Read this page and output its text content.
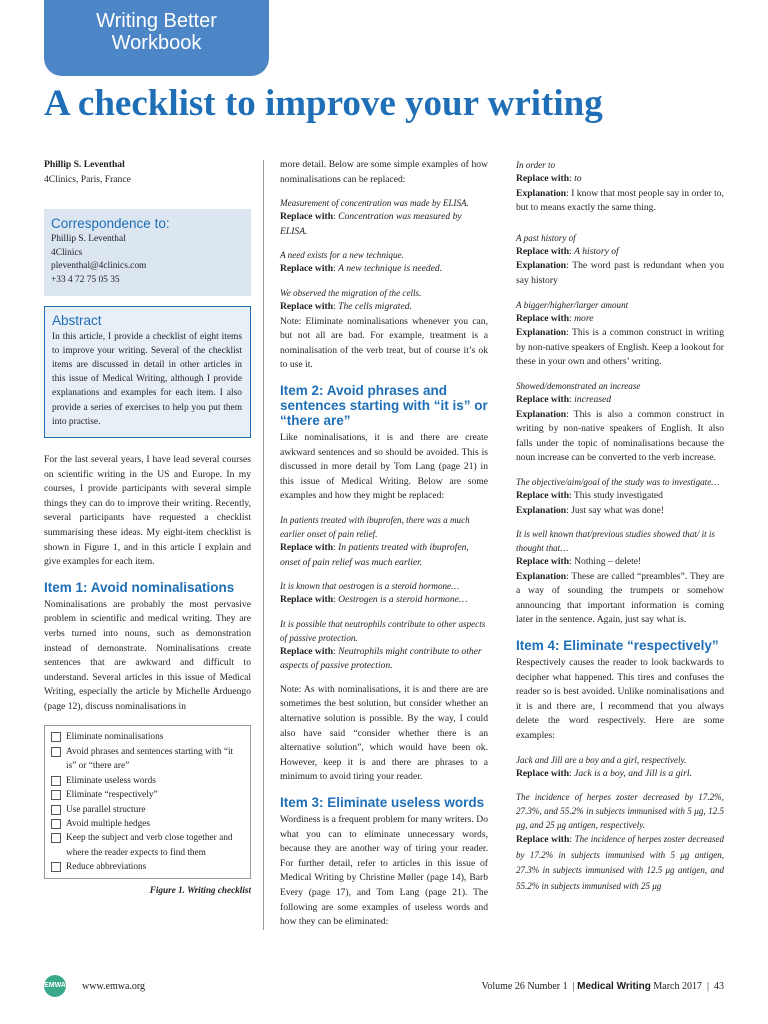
Writing Better
Workbook
A checklist to improve your writing

Phillip S. Leventhal

4Clinics, Paris, France

Correspondence to:

Phillip S. Leventhal

4Clinics

pleventhal@4clinics.com

+33 4 72 75 05 35

Abstract

In this article, I provide a checklist of eight items to improve your writing. Several of the checklist items are discussed in detail in other articles in this issue of Medical Writing, although I provide explanations and examples for each item. I also provide a series of exercises to help you put them into practise.

For the last several years, I have lead several courses on scientific writing in the US and Europe. In my courses, I provide participants with several simple things they can do to improve their writing. Recently, several participants have requested a checklist summarising these ideas. My eight-item checklist is shown in Figure 1, and in this article I explain and give examples for each item.

Item 1: Avoid nominalisations

Nominalisations are probably the most pervasive problem in scientific and medical writing. They are verbs turned into nouns, such as demonstration instead of demonstrate. Nominalisations create sentences that are awkward and difficult to understand. Several articles in this issue of Medical Writing, especially the article by Michelle Arduengo (page 12), discuss nominalisations in

Eliminate nominalisations
Avoid phrases and sentences starting with “it is” or “there are”
Eliminate useless words
Eliminate “respectively”
Use parallel structure
Avoid multiple hedges
Keep the subject and verb close together and where the reader expects to find them
Reduce abbreviations

Figure 1. Writing checklist

more detail. Below are some simple examples of how nominalisations can be replaced:

Measurement of concentration was made by ELISA.

Replace with: Concentration was measured by ELISA.

A need exists for a new technique.

Replace with: A new technique is needed.

We observed the migration of the cells.

Replace with: The cells migrated.

Note: Eliminate nominalisations whenever you can, but not all are bad. For example, treatment is a nominalisation of the verb treat, but of course it’s ok to use it.

Item 2: Avoid phrases and sentences starting with “it is” or “there are”

Like nominalisations, it is and there are create awkward sentences and so should be avoided. This is discussed in more detail by Tom Lang (page 21) in this issue of Medical Writing. Below are some examples and how they might be replaced:

In patients treated with ibuprofen, there was a much earlier onset of pain relief.

Replace with: In patients treated with ibuprofen, onset of pain relief was much earlier.

It is known that oestrogen is a steroid hormone…

Replace with: Oestrogen is a steroid hormone…

It is possible that neutrophils contribute to other aspects of passive protection.

Replace with: Neutrophils might contribute to other aspects of passive protection.

Note: As with nominalisations, it is and there are are sometimes the best solution, but consider whether an alternative solution is possible. By the way, I could also have said “consider whether there is an alternative solution”, which would have been ok. However, keep it is and there are phrases to a minimum to avoid tiring your reader.

Item 3: Eliminate useless words

Wordiness is a frequent problem for many writers. Do what you can to eliminate unnecessary words, because they are another way of tiring your reader. For further detail, refer to articles in this issue of Medical Writing by Christine Møller (page 14), Barb Every (page 17), and Tom Lang (page 21). The following are some examples of useless words and how they can be eliminated:

In order to

Replace with: to

Explanation: I know that most people say in order to, but to means exactly the same thing.

A past history of

Replace with: A history of

Explanation: The word past is redundant when you say history

A bigger/higher/larger amount

Replace with: more

Explanation: This is a common construct in writing by non-native speakers of English. Keep a lookout for these in your own and others’ writing.

Showed/demonstrated an increase

Replace with: increased

Explanation: This is also a common construct in writing by non-native speakers of English. It also falls under the topic of nominalisations because the noun increase can be converted to the verb increase.

The objective/aim/goal of the study was to investigate…

Replace with: This study investigated

Explanation: Just say what was done!

It is well known that/previous studies showed that/ it is thought that…

Replace with: Nothing – delete!

Explanation: These are called “preambles”. They are a way of sounding the trumpets or somehow announcing that important information is coming later in the sentence. Again, just say what is.

Item 4: Eliminate “respectively”

Respectively causes the reader to look backwards to decipher what happened. This tires and confuses the reader so is best avoided. Unlike nominalisations and it is and there are, I recommend that you always delete the word respectively. Here are some examples:

Jack and Jill are a boy and a girl, respectively.

Replace with: Jack is a boy, and Jill is a girl.

The incidence of herpes zoster decreased by 17.2%, 27.3%, and 55.2% in subjects immunised with 5 μg, 12.5 μg, and 25 μg antigen, respectively.

Replace with: The incidence of herpes zoster decreased by 17.2% in subjects immunised with 5 μg antigen, 27.3% in subjects immunised with 12.5 μg antigen, and 55.2% in subjects immunised with 25 μg

EMWA www.emwa.org	Volume 26 Number 1  | Medical Writing March 2017  |  43
